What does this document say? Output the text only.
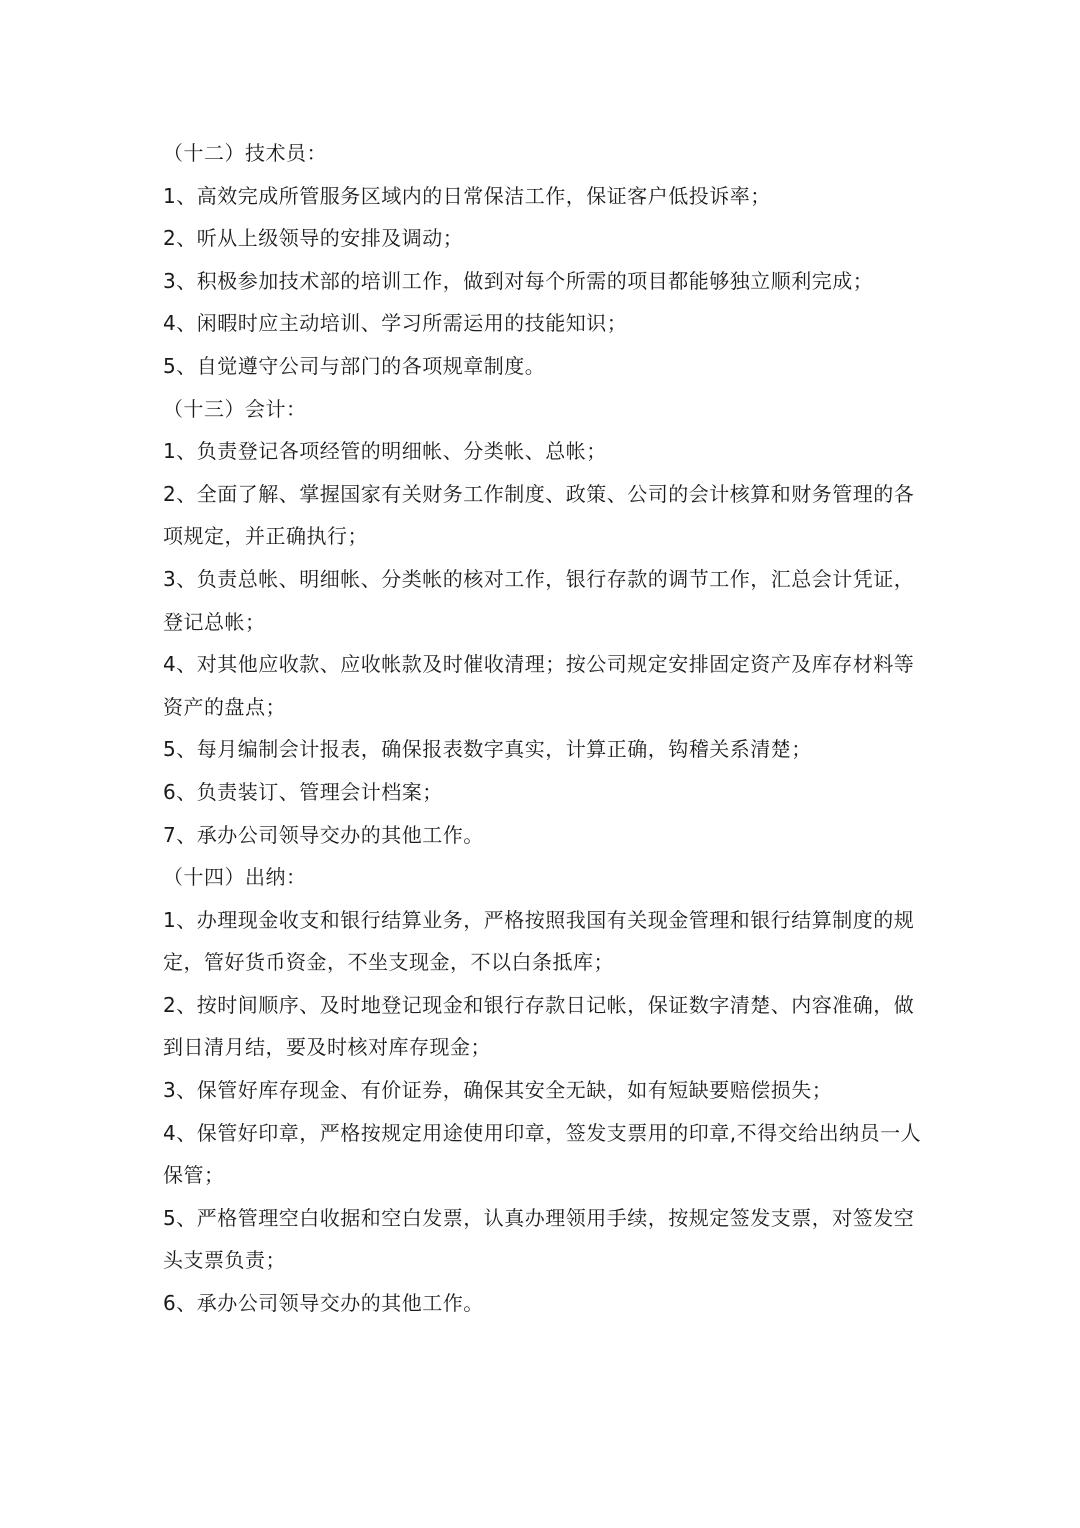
（十二）技术员：
1、高效完成所管服务区域内的日常保洁工作，保证客户低投诉率；
2、听从上级领导的安排及调动；
3、积极参加技术部的培训工作，做到对每个所需的项目都能够独立顺利完成；
4、闲暇时应主动培训、学习所需运用的技能知识；
5、自觉遵守公司与部门的各项规章制度。
（十三）会计：
1、负责登记各项经管的明细帐、分类帐、总帐；
2、全面了解、掌握国家有关财务工作制度、政策、公司的会计核算和财务管理的各项规定，并正确执行；
3、负责总帐、明细帐、分类帐的核对工作，银行存款的调节工作，汇总会计凭证，登记总帐；
4、对其他应收款、应收帐款及时催收清理；按公司规定安排固定资产及库存材料等资产的盘点；
5、每月编制会计报表，确保报表数字真实，计算正确，钩稽关系清楚；
6、负责装订、管理会计档案；
7、承办公司领导交办的其他工作。
（十四）出纳：
1、办理现金收支和银行结算业务，严格按照我国有关现金管理和银行结算制度的规定，管好货币资金，不坐支现金，不以白条抵库；
2、按时间顺序、及时地登记现金和银行存款日记帐，保证数字清楚、内容准确，做到日清月结，要及时核对库存现金；
3、保管好库存现金、有价证券，确保其安全无缺，如有短缺要赔偿损失；
4、保管好印章，严格按规定用途使用印章，签发支票用的印章,不得交给出纳员一人保管；
5、严格管理空白收据和空白发票，认真办理领用手续，按规定签发支票，对签发空头支票负责；
6、承办公司领导交办的其他工作。
